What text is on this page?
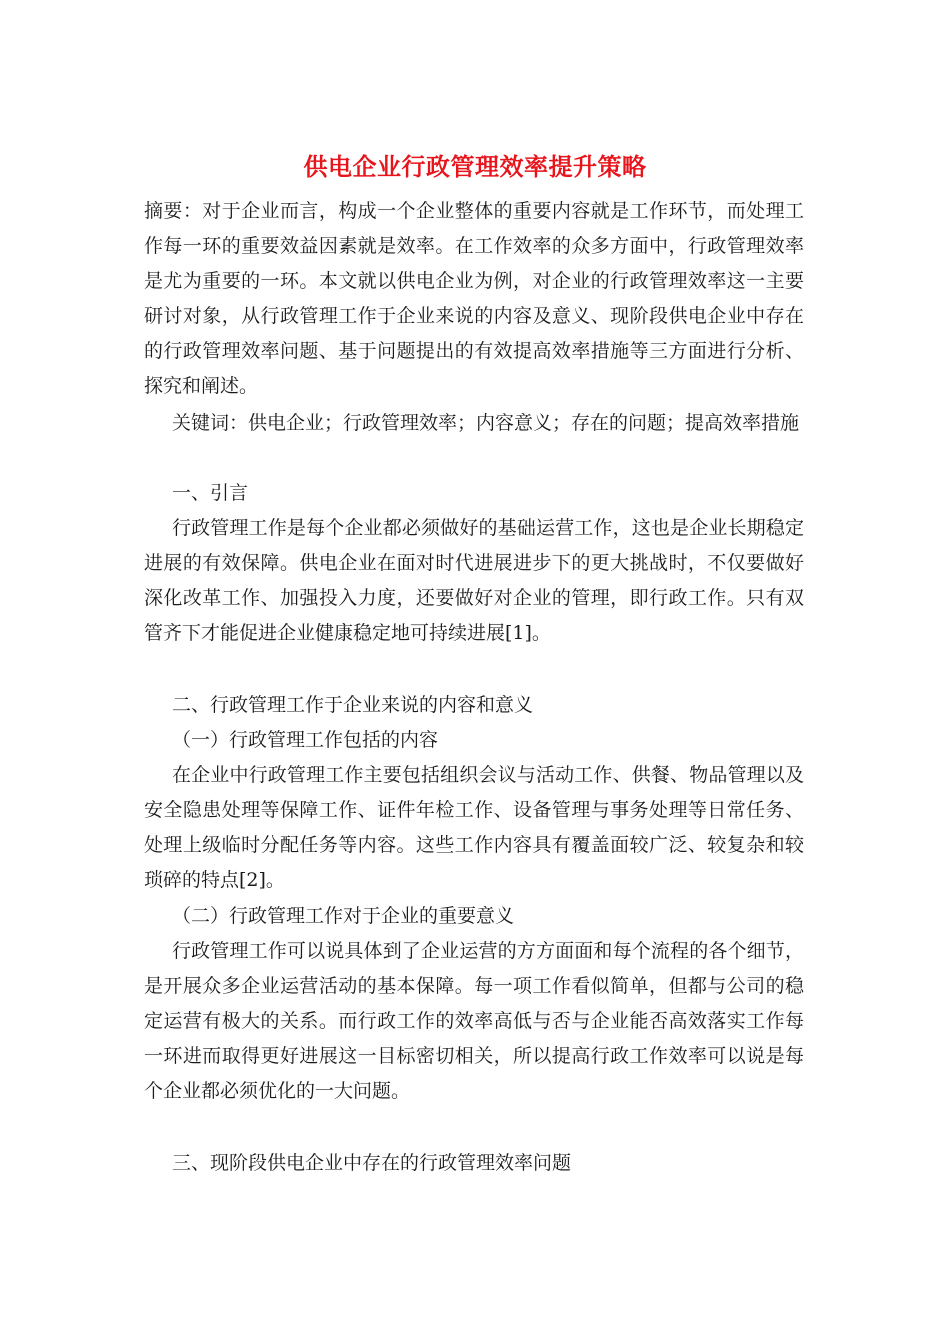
供电企业行政管理效率提升策略
摘要：对于企业而言，构成一个企业整体的重要内容就是工作环节，而处理工
作每一环的重要效益因素就是效率。在工作效率的众多方面中，行政管理效率
是尤为重要的一环。本文就以供电企业为例，对企业的行政管理效率这一主要
研讨对象，从行政管理工作于企业来说的内容及意义、现阶段供电企业中存在
的行政管理效率问题、基于问题提出的有效提高效率措施等三方面进行分析、
探究和阐述。
关键词：供电企业；行政管理效率；内容意义；存在的问题；提高效率措施
一、引言
行政管理工作是每个企业都必须做好的基础运营工作，这也是企业长期稳定
进展的有效保障。供电企业在面对时代进展进步下的更大挑战时，不仅要做好
深化改革工作、加强投入力度，还要做好对企业的管理，即行政工作。只有双
管齐下才能促进企业健康稳定地可持续进展[1]。
二、行政管理工作于企业来说的内容和意义
（一）行政管理工作包括的内容
在企业中行政管理工作主要包括组织会议与活动工作、供餐、物品管理以及
安全隐患处理等保障工作、证件年检工作、设备管理与事务处理等日常任务、
处理上级临时分配任务等内容。这些工作内容具有覆盖面较广泛、较复杂和较
琐碎的特点[2]。
（二）行政管理工作对于企业的重要意义
行政管理工作可以说具体到了企业运营的方方面面和每个流程的各个细节，
是开展众多企业运营活动的基本保障。每一项工作看似简单，但都与公司的稳
定运营有极大的关系。而行政工作的效率高低与否与企业能否高效落实工作每
一环进而取得更好进展这一目标密切相关，所以提高行政工作效率可以说是每
个企业都必须优化的一大问题。
三、现阶段供电企业中存在的行政管理效率问题
